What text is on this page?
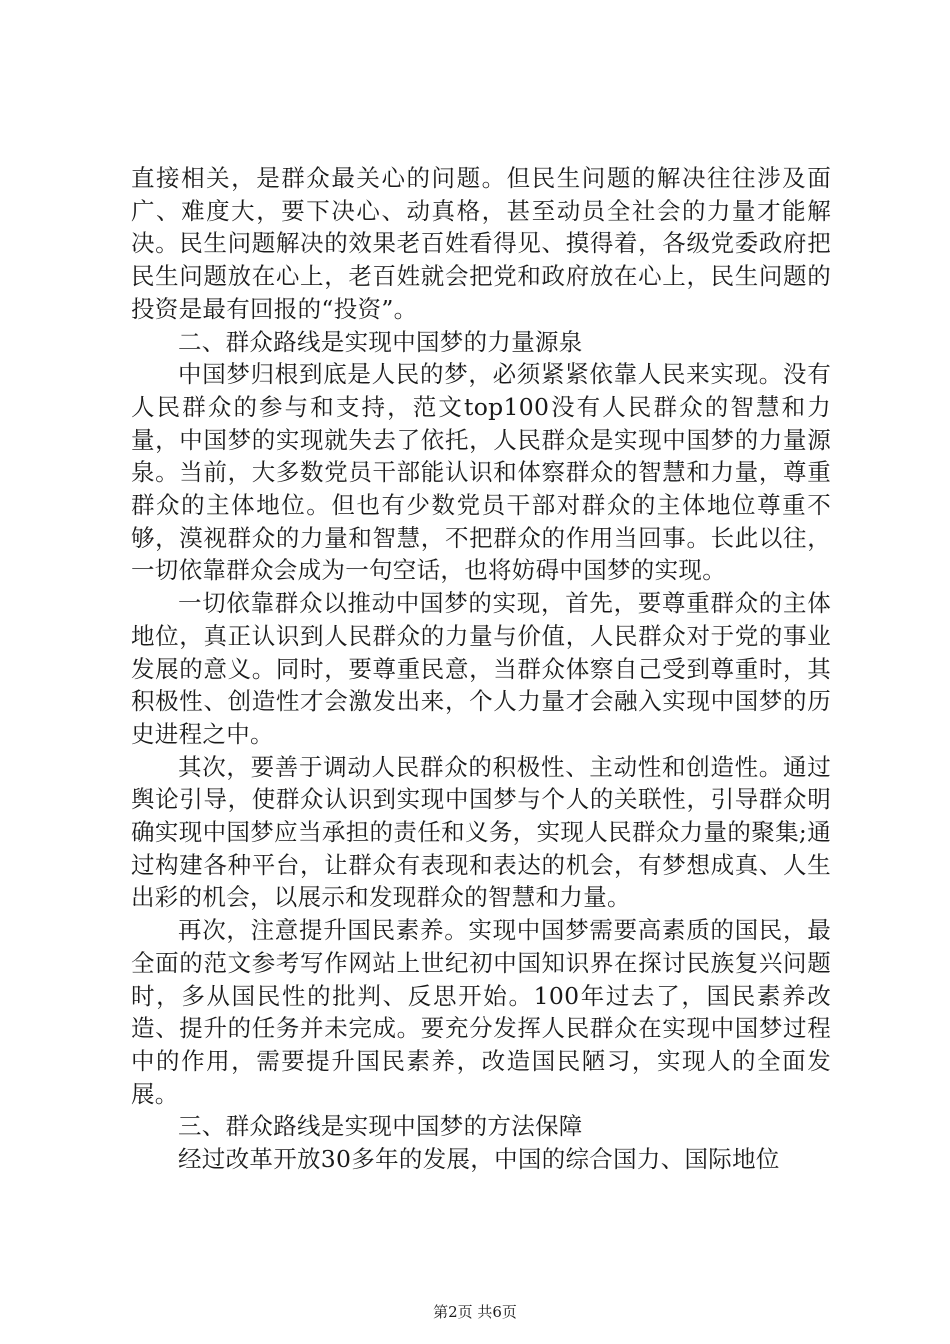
直接相关，是群众最关心的问题。但民生问题的解决往往涉及面广、难度大，要下决心、动真格，甚至动员全社会的力量才能解决。民生问题解决的效果老百姓看得见、摸得着，各级党委政府把民生问题放在心上，老百姓就会把党和政府放在心上，民生问题的投资是最有回报的“投资”。

二、群众路线是实现中国梦的力量源泉

中国梦归根到底是人民的梦，必须紧紧依靠人民来实现。没有人民群众的参与和支持，范文top100没有人民群众的智慧和力量，中国梦的实现就失去了依托，人民群众是实现中国梦的力量源泉。当前，大多数党员干部能认识和体察群众的智慧和力量，尊重群众的主体地位。但也有少数党员干部对群众的主体地位尊重不够，漠视群众的力量和智慧，不把群众的作用当回事。长此以往，一切依靠群众会成为一句空话，也将妨碍中国梦的实现。

一切依靠群众以推动中国梦的实现，首先，要尊重群众的主体地位，真正认识到人民群众的力量与价值，人民群众对于党的事业发展的意义。同时，要尊重民意，当群众体察自己受到尊重时，其积极性、创造性才会激发出来，个人力量才会融入实现中国梦的历史进程之中。

其次，要善于调动人民群众的积极性、主动性和创造性。通过舆论引导，使群众认识到实现中国梦与个人的关联性，引导群众明确实现中国梦应当承担的责任和义务，实现人民群众力量的聚集;通过构建各种平台，让群众有表现和表达的机会，有梦想成真、人生出彩的机会，以展示和发现群众的智慧和力量。

再次，注意提升国民素养。实现中国梦需要高素质的国民，最全面的范文参考写作网站上世纪初中国知识界在探讨民族复兴问题时，多从国民性的批判、反思开始。100年过去了，国民素养改造、提升的任务并未完成。要充分发挥人民群众在实现中国梦过程中的作用，需要提升国民素养，改造国民陋习，实现人的全面发展。

三、群众路线是实现中国梦的方法保障

经过改革开放30多年的发展，中国的综合国力、国际地位

第2页 共6页
